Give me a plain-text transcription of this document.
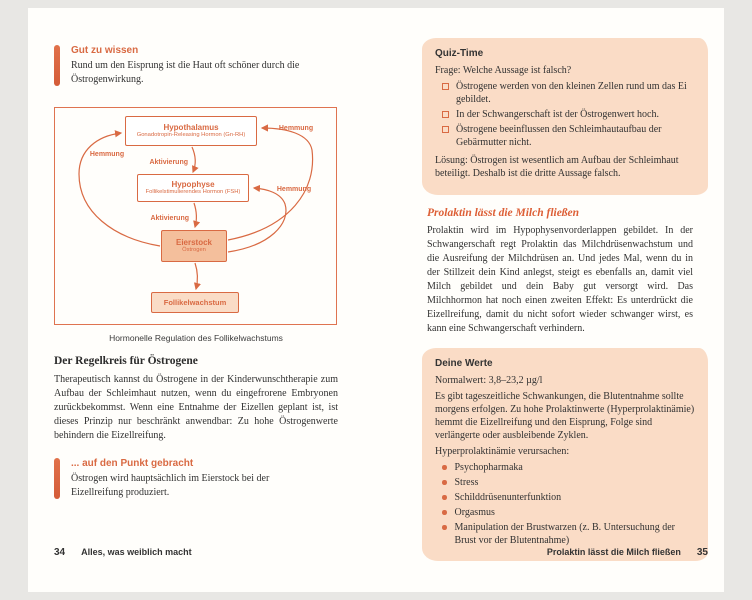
Gut zu wissen
Rund um den Eisprung ist die Haut oft schöner durch die Östrogenwirkung.
Hemmung
Hemmung
Hemmung
Aktivierung
Aktivierung
Hypothalamus
Gonadotropin-Releasing Hormon (Gn-RH)
Hypophyse
Follikelstimulierendes Hormon (FSH)
Eierstock
Östrogen
Follikelwachstum
Hormonelle Regulation des Follikelwachstums
Der Regelkreis für Östrogene

Therapeutisch kannst du Östrogene in der Kinderwunschtherapie zum Aufbau der Schleimhaut nutzen, wenn du eingefrorene Embryonen zurückbekommst. Wenn eine Entnahme der Eizellen geplant ist, ist dieses Prinzip nur beschränkt anwendbar: Zu hohe Östrogenwerte behindern die Eizellreifung.

... auf den Punkt gebracht
Östrogen wird hauptsächlich im Eierstock bei der Eizellreifung produziert.
34 Alles, was weiblich macht
Quiz-Time
Frage: Welche Aussage ist falsch?
Östrogene werden von den kleinen Zellen rund um das Ei gebildet.
In der Schwangerschaft ist der Östrogenwert hoch.
Östrogene beeinflussen den Schleimhautaufbau der Gebärmutter nicht.
Lösung: Östrogen ist wesentlich am Aufbau der Schleimhaut beteiligt. Deshalb ist die dritte Aussage falsch.
Prolaktin lässt die Milch fließen

Prolaktin wird im Hypophysenvorderlappen gebildet. In der Schwangerschaft regt Prolaktin das Milchdrüsenwachstum und die Ausreifung der Milchdrüsen an. Und jedes Mal, wenn du in der Stillzeit dein Kind anlegst, steigt es ebenfalls an, damit viel Milch gebildet und dein Baby gut versorgt wird. Das Milchhormon hat noch einen zweiten Effekt: Es unterdrückt die Eizellreifung, damit du nicht sofort wieder schwanger wirst, es kann eine Schwangerschaft verhindern.

Deine Werte
Normalwert: 3,8–23,2 µg/l
Es gibt tageszeitliche Schwankungen, die Blutentnahme sollte morgens erfolgen. Zu hohe Prolaktinwerte (Hyperprolaktinämie) hemmt die Eizellreifung und den Eisprung, Folge sind verlängerte oder ausbleibende Zyklen.
Hyperprolaktinämie verursachen:
Psychopharmaka
Stress
Schilddrüsenunterfunktion
Orgasmus
Manipulation der Brustwarzen (z. B. Untersuchung der Brust vor der Blutentnahme)
Prolaktin lässt die Milch fließen 35
